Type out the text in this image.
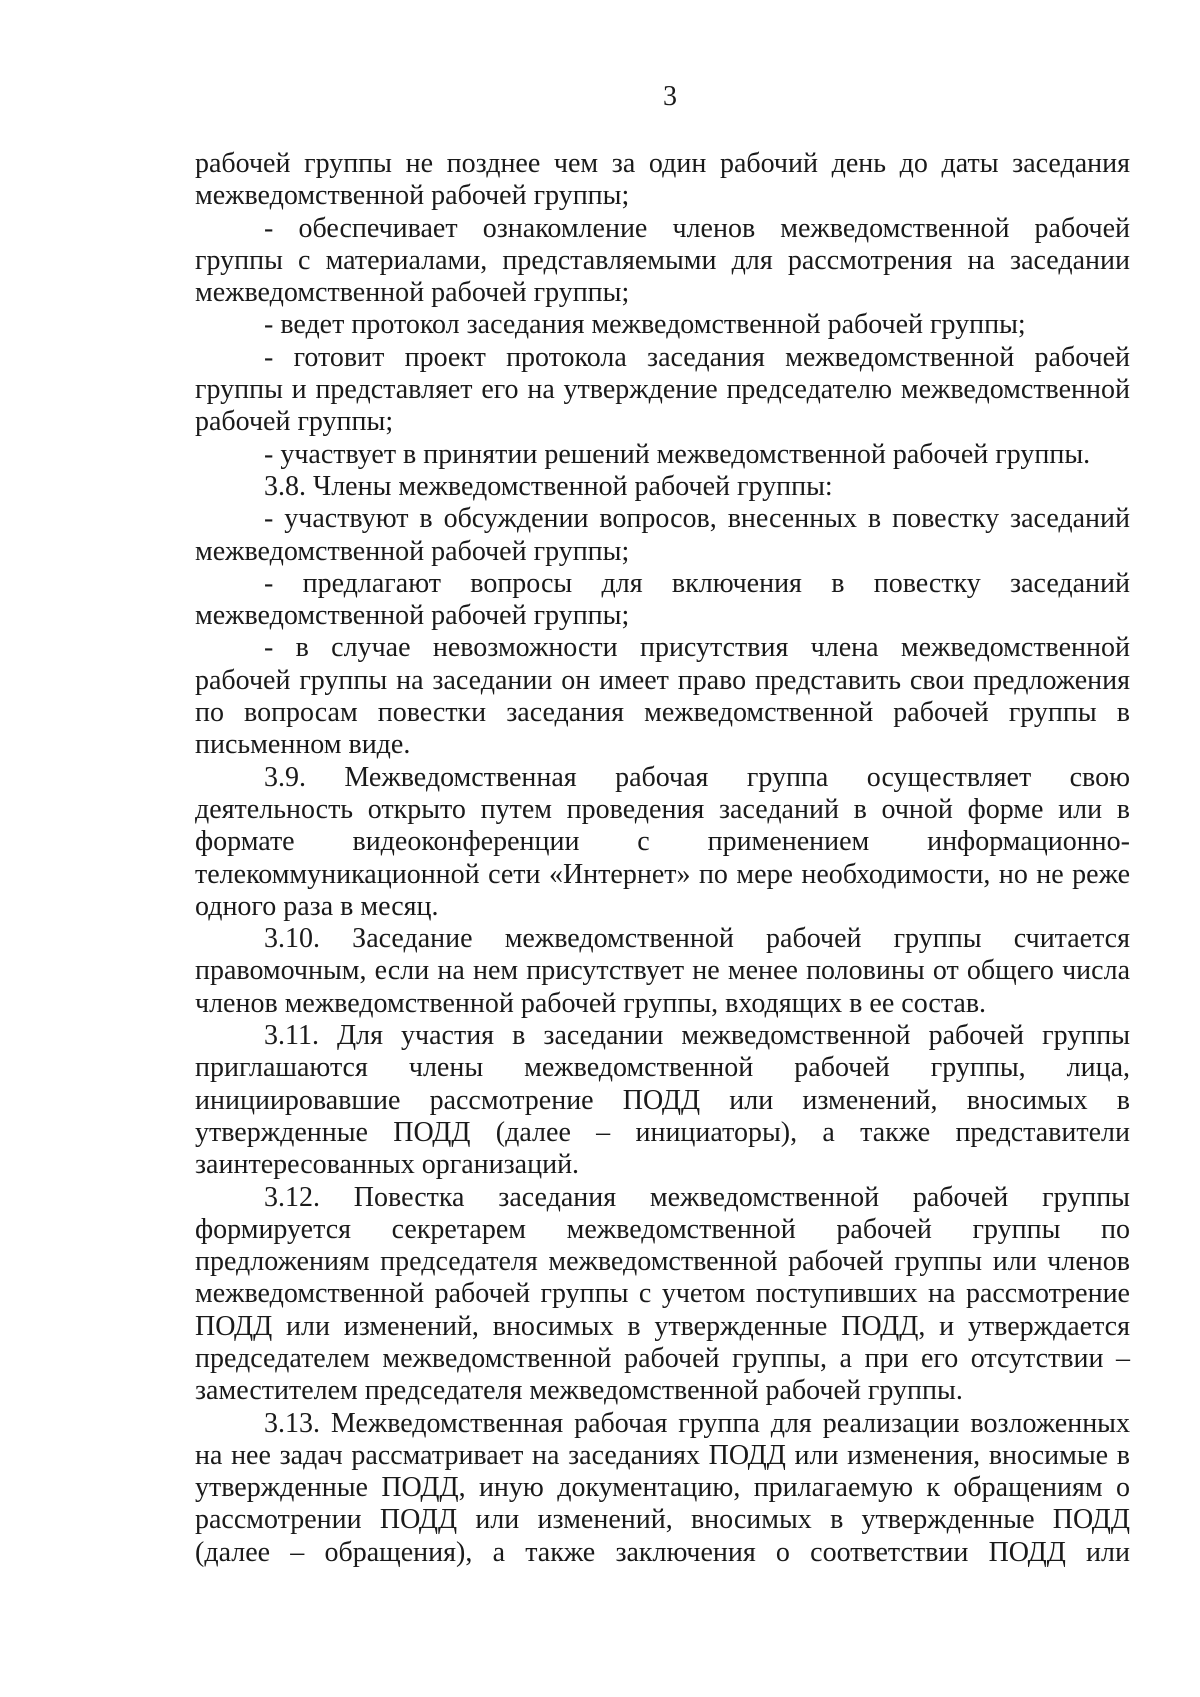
3

рабочей группы не позднее чем за один рабочий день до даты заседания межведомственной рабочей группы;

- обеспечивает ознакомление членов межведомственной рабочей группы с материалами, представляемыми для рассмотрения на заседании межведомственной рабочей группы;

- ведет протокол заседания межведомственной рабочей группы;

- готовит проект протокола заседания межведомственной рабочей группы и представляет его на утверждение председателю межведомственной рабочей группы;

- участвует в принятии решений межведомственной рабочей группы.

3.8. Члены межведомственной рабочей группы:

- участвуют в обсуждении вопросов, внесенных в повестку заседаний межведомственной рабочей группы;

- предлагают вопросы для включения в повестку заседаний межведомственной рабочей группы;

- в случае невозможности присутствия члена межведомственной рабочей группы на заседании он имеет право представить свои предложения по вопросам повестки заседания межведомственной рабочей группы в письменном виде.

3.9. Межведомственная рабочая группа осуществляет свою деятельность открыто путем проведения заседаний в очной форме или в формате видеоконференции с применением информационно-телекоммуникационной сети «Интернет» по мере необходимости, но не реже одного раза в месяц.

3.10. Заседание межведомственной рабочей группы считается правомочным, если на нем присутствует не менее половины от общего числа членов межведомственной рабочей группы, входящих в ее состав.

3.11. Для участия в заседании межведомственной рабочей группы приглашаются члены межведомственной рабочей группы, лица, инициировавшие рассмотрение ПОДД или изменений, вносимых в утвержденные ПОДД (далее – инициаторы), а также представители заинтересованных организаций.

3.12. Повестка заседания межведомственной рабочей группы формируется секретарем межведомственной рабочей группы по предложениям председателя межведомственной рабочей группы или членов межведомственной рабочей группы с учетом поступивших на рассмотрение ПОДД или изменений, вносимых в утвержденные ПОДД, и утверждается председателем межведомственной рабочей группы, а при его отсутствии – заместителем председателя межведомственной рабочей группы.

3.13. Межведомственная рабочая группа для реализации возложенных на нее задач рассматривает на заседаниях ПОДД или изменения, вносимые в утвержденные ПОДД, иную документацию, прилагаемую к обращениям о рассмотрении ПОДД или изменений, вносимых в утвержденные ПОДД (далее – обращения), а также заключения о соответствии ПОДД или
